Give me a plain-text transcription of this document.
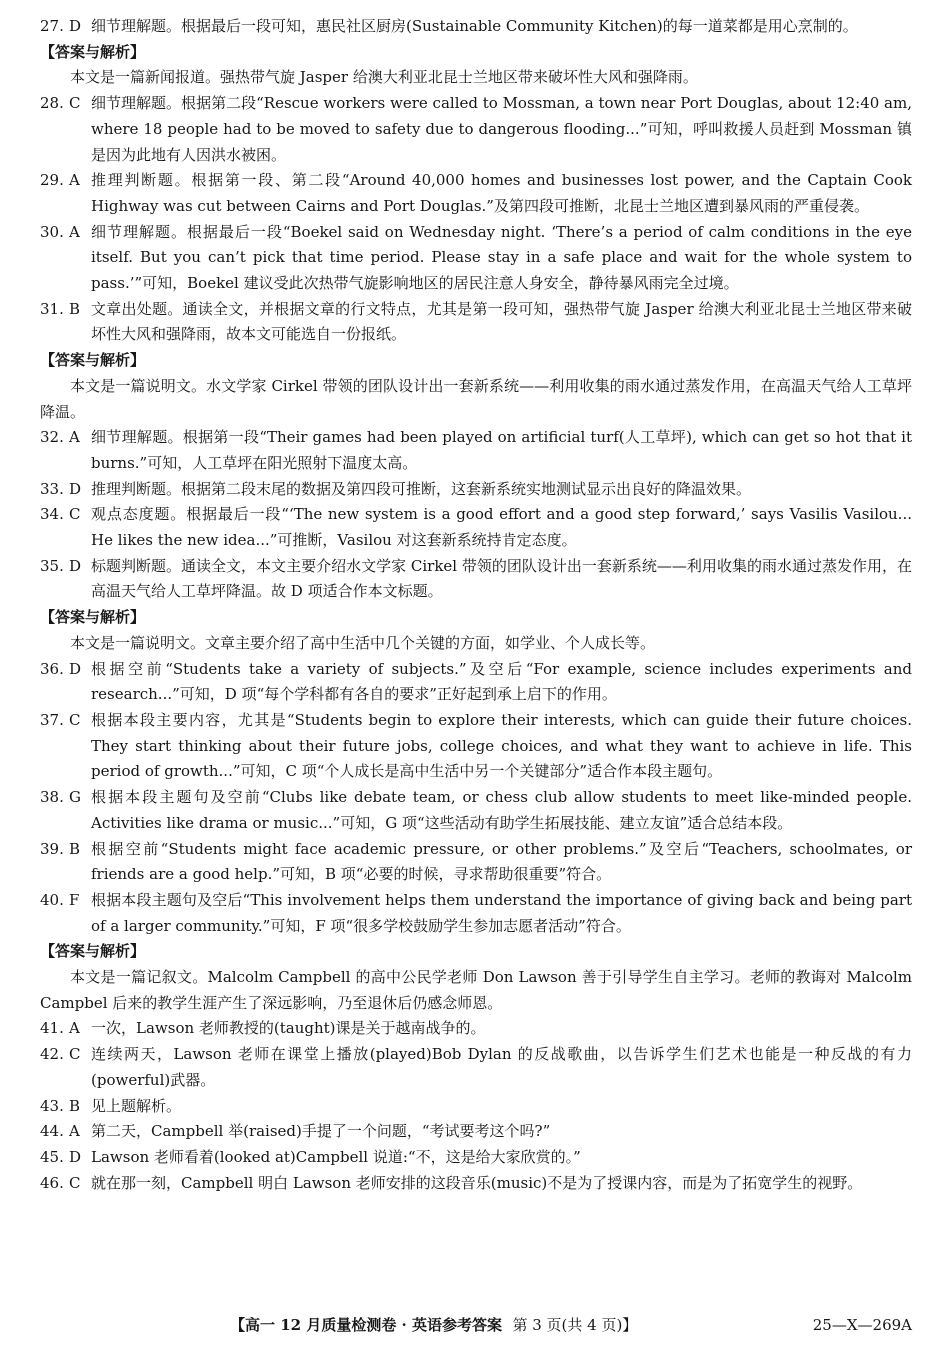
27. D 细节理解题。根据最后一段可知，惠民社区厨房(Sustainable Community Kitchen)的每一道菜都是用心烹制的。
【答案与解析】
本文是一篇新闻报道。强热带气旋 Jasper 给澳大利亚北昆士兰地区带来破坏性大风和强降雨。
28. C 细节理解题。根据第二段“Rescue workers were called to Mossman, a town near Port Douglas, about 12:40 am, where 18 people had to be moved to safety due to dangerous flooding...”可知，呼叫救援人员赶到 Mossman 镇是因为此地有人因洪水被困。
29. A 推理判断题。根据第一段、第二段“Around 40,000 homes and businesses lost power, and the Captain Cook Highway was cut between Cairns and Port Douglas.”及第四段可推断，北昆士兰地区遭到暴风雨的严重侵袭。
30. A 细节理解题。根据最后一段“Boekel said on Wednesday night. ‘There’s a period of calm conditions in the eye itself. But you can’t pick that time period. Please stay in a safe place and wait for the whole system to pass.’”可知，Boekel 建议受此次热带气旋影响地区的居民注意人身安全，静待暴风雨完全过境。
31. B 文章出处题。通读全文，并根据文章的行文特点，尤其是第一段可知，强热带气旋 Jasper 给澳大利亚北昆士兰地区带来破坏性大风和强降雨，故本文可能选自一份报纸。
【答案与解析】
本文是一篇说明文。水文学家 Cirkel 带领的团队设计出一套新系统——利用收集的雨水通过蒸发作用，在高温天气给人工草坪降温。
32. A 细节理解题。根据第一段“Their games had been played on artificial turf(人工草坪), which can get so hot that it burns.”可知，人工草坪在阳光照射下温度太高。
33. D 推理判断题。根据第二段末尾的数据及第四段可推断，这套新系统实地测试显示出良好的降温效果。
34. C 观点态度题。根据最后一段“‘The new system is a good effort and a good step forward,’ says Vasilis Vasilou... He likes the new idea...”可推断，Vasilou 对这套新系统持肯定态度。
35. D 标题判断题。通读全文，本文主要介绍水文学家 Cirkel 带领的团队设计出一套新系统——利用收集的雨水通过蒸发作用，在高温天气给人工草坪降温。故 D 项适合作本文标题。
【答案与解析】
本文是一篇说明文。文章主要介绍了高中生活中几个关键的方面，如学业、个人成长等。
36. D 根据空前“Students take a variety of subjects.”及空后“For example, science includes experiments and research...”可知，D 项“每个学科都有各自的要求”正好起到承上启下的作用。
37. C 根据本段主要内容，尤其是“Students begin to explore their interests, which can guide their future choices. They start thinking about their future jobs, college choices, and what they want to achieve in life. This period of growth...”可知，C 项“个人成长是高中生活中另一个关键部分”适合作本段主题句。
38. G 根据本段主题句及空前“Clubs like debate team, or chess club allow students to meet like-minded people. Activities like drama or music...”可知，G 项“这些活动有助学生拓展技能、建立友谊”适合总结本段。
39. B 根据空前“Students might face academic pressure, or other problems.”及空后“Teachers, schoolmates, or friends are a good help.”可知，B 项“必要的时候，寻求帮助很重要”符合。
40. F 根据本段主题句及空后“This involvement helps them understand the importance of giving back and being part of a larger community.”可知，F 项“很多学校鼓励学生参加志愿者活动”符合。
【答案与解析】
本文是一篇记叙文。Malcolm Campbell 的高中公民学老师 Don Lawson 善于引导学生自主学习。老师的教诲对 Malcolm Campbel 后来的教学生涯产生了深远影响，乃至退休后仍感念师恩。
41. A 一次，Lawson 老师教授的(taught)课是关于越南战争的。
42. C 连续两天，Lawson 老师在课堂上播放(played)Bob Dylan 的反战歌曲，以告诉学生们艺术也能是一种反战的有力(powerful)武器。
43. B 见上题解析。
44. A 第二天，Campbell 举(raised)手提了一个问题，“考试要考这个吗?”
45. D Lawson 老师看着(looked at)Campbell 说道:“不，这是给大家欣赏的。”
46. C 就在那一刻，Campbell 明白 Lawson 老师安排的这段音乐(music)不是为了授课内容，而是为了拓宽学生的视野。
【高一 12 月质量检测卷 · 英语参考答案 第 3 页(共 4 页)】	25—X—269A
